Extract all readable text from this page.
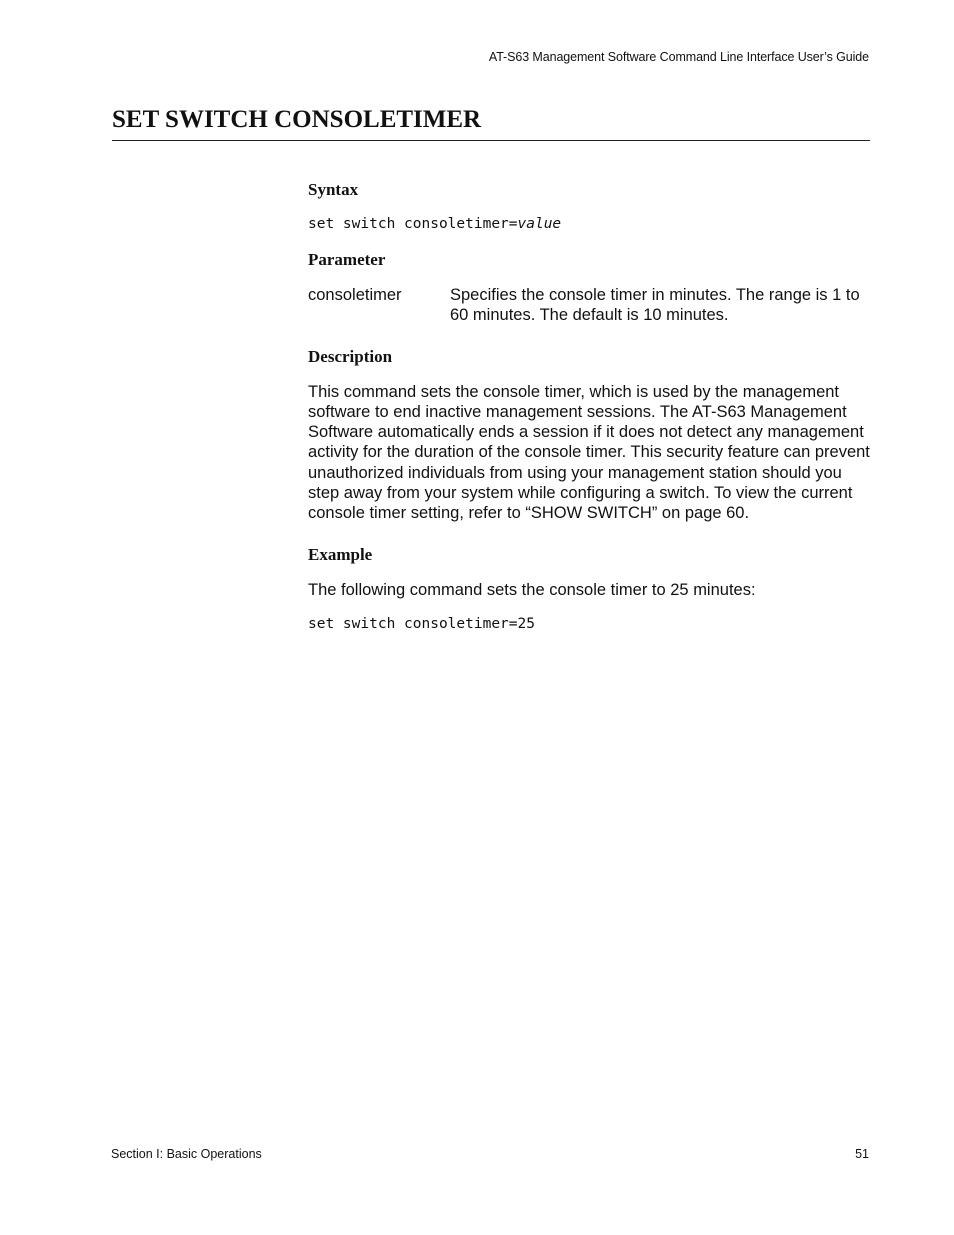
AT-S63 Management Software Command Line Interface User’s Guide
SET SWITCH CONSOLETIMER
Syntax

set switch consoletimer=value

Parameter
consoletimer	Specifies the console timer in minutes. The range is 1 to 60 minutes. The default is 10 minutes.
Description

This command sets the console timer, which is used by the management software to end inactive management sessions. The AT-S63 Management Software automatically ends a session if it does not detect any management activity for the duration of the console timer. This security feature can prevent unauthorized individuals from using your management station should you step away from your system while configuring a switch. To view the current console timer setting, refer to “SHOW SWITCH” on page 60.

Example

The following command sets the console timer to 25 minutes:

set switch consoletimer=25

Section I: Basic Operations	51
